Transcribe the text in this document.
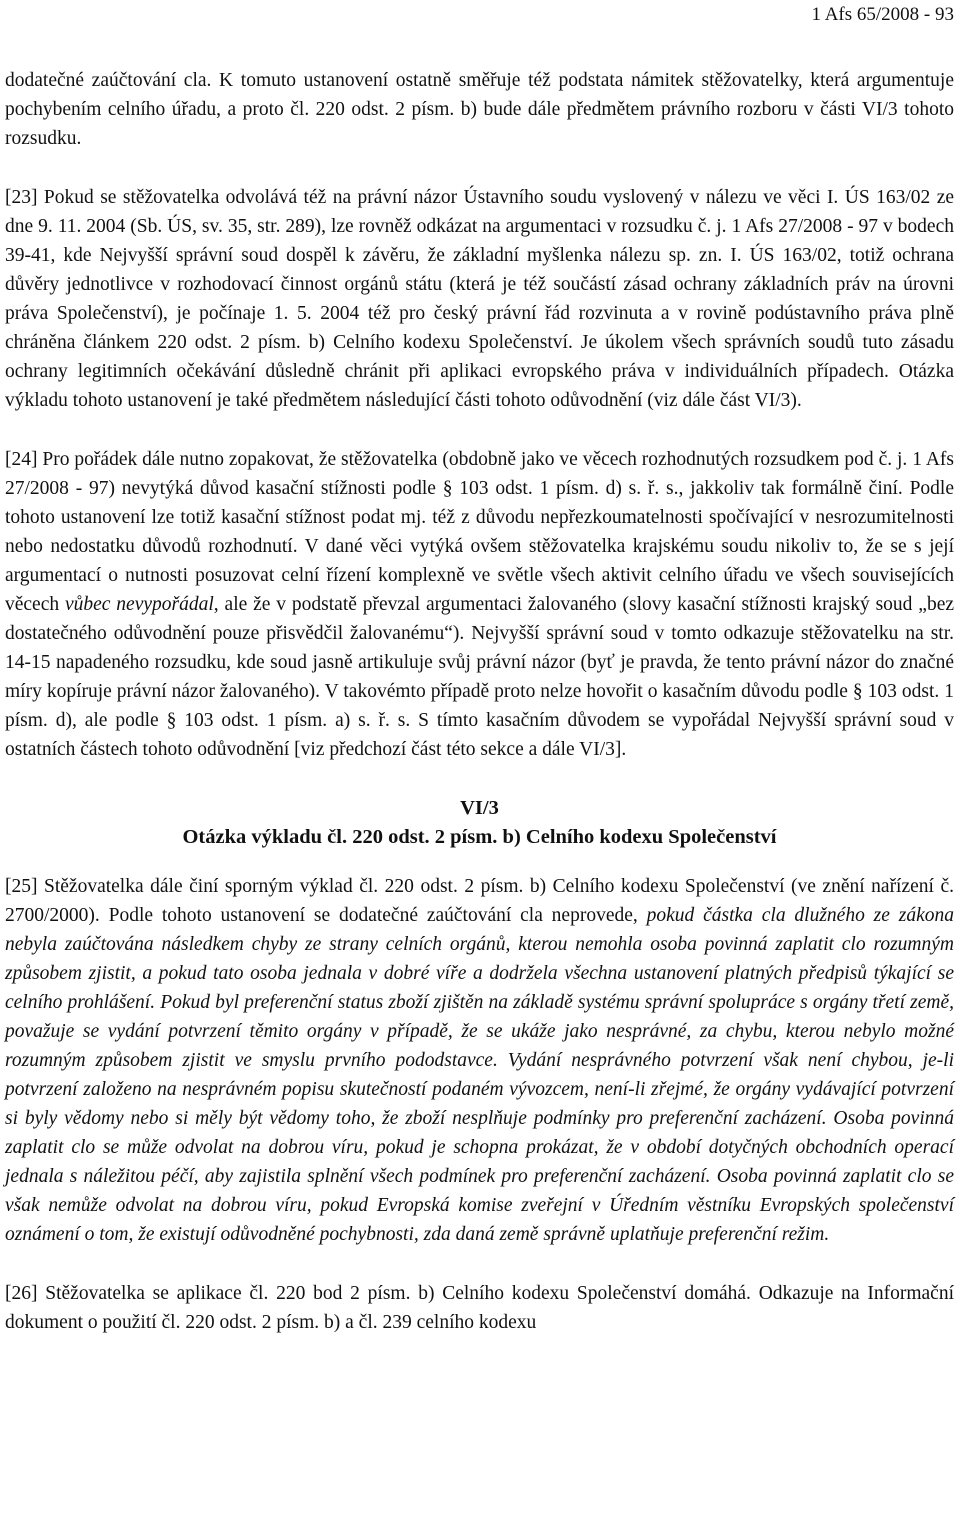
1 Afs 65/2008 - 93

dodatečné zaúčtování cla. K tomuto ustanovení ostatně směřuje též podstata námitek stěžovatelky, která argumentuje pochybením celního úřadu, a proto čl. 220 odst. 2 písm. b) bude dále předmětem právního rozboru v části VI/3 tohoto rozsudku.

[23] Pokud se stěžovatelka odvolává též na právní názor Ústavního soudu vyslovený v nálezu ve věci I. ÚS 163/02 ze dne 9. 11. 2004 (Sb. ÚS, sv. 35, str. 289), lze rovněž odkázat na argumentaci v rozsudku č. j. 1 Afs 27/2008 - 97 v bodech 39-41, kde Nejvyšší správní soud dospěl k závěru, že základní myšlenka nálezu sp. zn. I. ÚS 163/02, totiž ochrana důvěry jednotlivce v rozhodovací činnost orgánů státu (která je též součástí zásad ochrany základních práv na úrovni práva Společenství), je počínaje 1. 5. 2004 též pro český právní řád rozvinuta a v rovině podústavního práva plně chráněna článkem 220 odst. 2 písm. b) Celního kodexu Společenství. Je úkolem všech správních soudů tuto zásadu ochrany legitimních očekávání důsledně chránit při aplikaci evropského práva v individuálních případech. Otázka výkladu tohoto ustanovení je také předmětem následující části tohoto odůvodnění (viz dále část VI/3).

[24] Pro pořádek dále nutno zopakovat, že stěžovatelka (obdobně jako ve věcech rozhodnutých rozsudkem pod č. j. 1 Afs 27/2008 - 97) nevytýká důvod kasační stížnosti podle § 103 odst. 1 písm. d) s. ř. s., jakkoliv tak formálně činí. Podle tohoto ustanovení lze totiž kasační stížnost podat mj. též z důvodu nepřezkoumatelnosti spočívající v nesrozumitelnosti nebo nedostatku důvodů rozhodnutí. V dané věci vytýká ovšem stěžovatelka krajskému soudu nikoliv to, že se s její argumentací o nutnosti posuzovat celní řízení komplexně ve světle všech aktivit celního úřadu ve všech souvisejících věcech vůbec nevypořádal, ale že v podstatě převzal argumentaci žalovaného (slovy kasační stížnosti krajský soud „bez dostatečného odůvodnění pouze přisvědčil žalovanému“). Nejvyšší správní soud v tomto odkazuje stěžovatelku na str. 14-15 napadeného rozsudku, kde soud jasně artikuluje svůj právní názor (byť je pravda, že tento právní názor do značné míry kopíruje právní názor žalovaného). V takovémto případě proto nelze hovořit o kasačním důvodu podle § 103 odst. 1 písm. d), ale podle § 103 odst. 1 písm. a) s. ř. s. S tímto kasačním důvodem se vypořádal Nejvyšší správní soud v ostatních částech tohoto odůvodnění [viz předchozí část této sekce a dále VI/3].

VI/3

Otázka výkladu čl. 220 odst. 2 písm. b) Celního kodexu Společenství

[25] Stěžovatelka dále činí sporným výklad čl. 220 odst. 2 písm. b) Celního kodexu Společenství (ve znění nařízení č. 2700/2000). Podle tohoto ustanovení se dodatečné zaúčtování cla neprovede, pokud částka cla dlužného ze zákona nebyla zaúčtována následkem chyby ze strany celních orgánů, kterou nemohla osoba povinná zaplatit clo rozumným způsobem zjistit, a pokud tato osoba jednala v dobré víře a dodržela všechna ustanovení platných předpisů týkající se celního prohlášení. Pokud byl preferenční status zboží zjištěn na základě systému správní spolupráce s orgány třetí země, považuje se vydání potvrzení těmito orgány v případě, že se ukáže jako nesprávné, za chybu, kterou nebylo možné rozumným způsobem zjistit ve smyslu prvního pododstavce. Vydání nesprávného potvrzení však není chybou, je-li potvrzení založeno na nesprávném popisu skutečností podaném vývozcem, není-li zřejmé, že orgány vydávající potvrzení si byly vědomy nebo si měly být vědomy toho, že zboží nesplňuje podmínky pro preferenční zacházení. Osoba povinná zaplatit clo se může odvolat na dobrou víru, pokud je schopna prokázat, že v období dotyčných obchodních operací jednala s náležitou péčí, aby zajistila splnění všech podmínek pro preferenční zacházení. Osoba povinná zaplatit clo se však nemůže odvolat na dobrou víru, pokud Evropská komise zveřejní v Úředním věstníku Evropských společenství oznámení o tom, že existují odůvodněné pochybnosti, zda daná země správně uplatňuje preferenční režim.

[26] Stěžovatelka se aplikace čl. 220 bod 2 písm. b) Celního kodexu Společenství domáhá. Odkazuje na Informační dokument o použití čl. 220 odst. 2 písm. b) a čl. 239 celního kodexu
